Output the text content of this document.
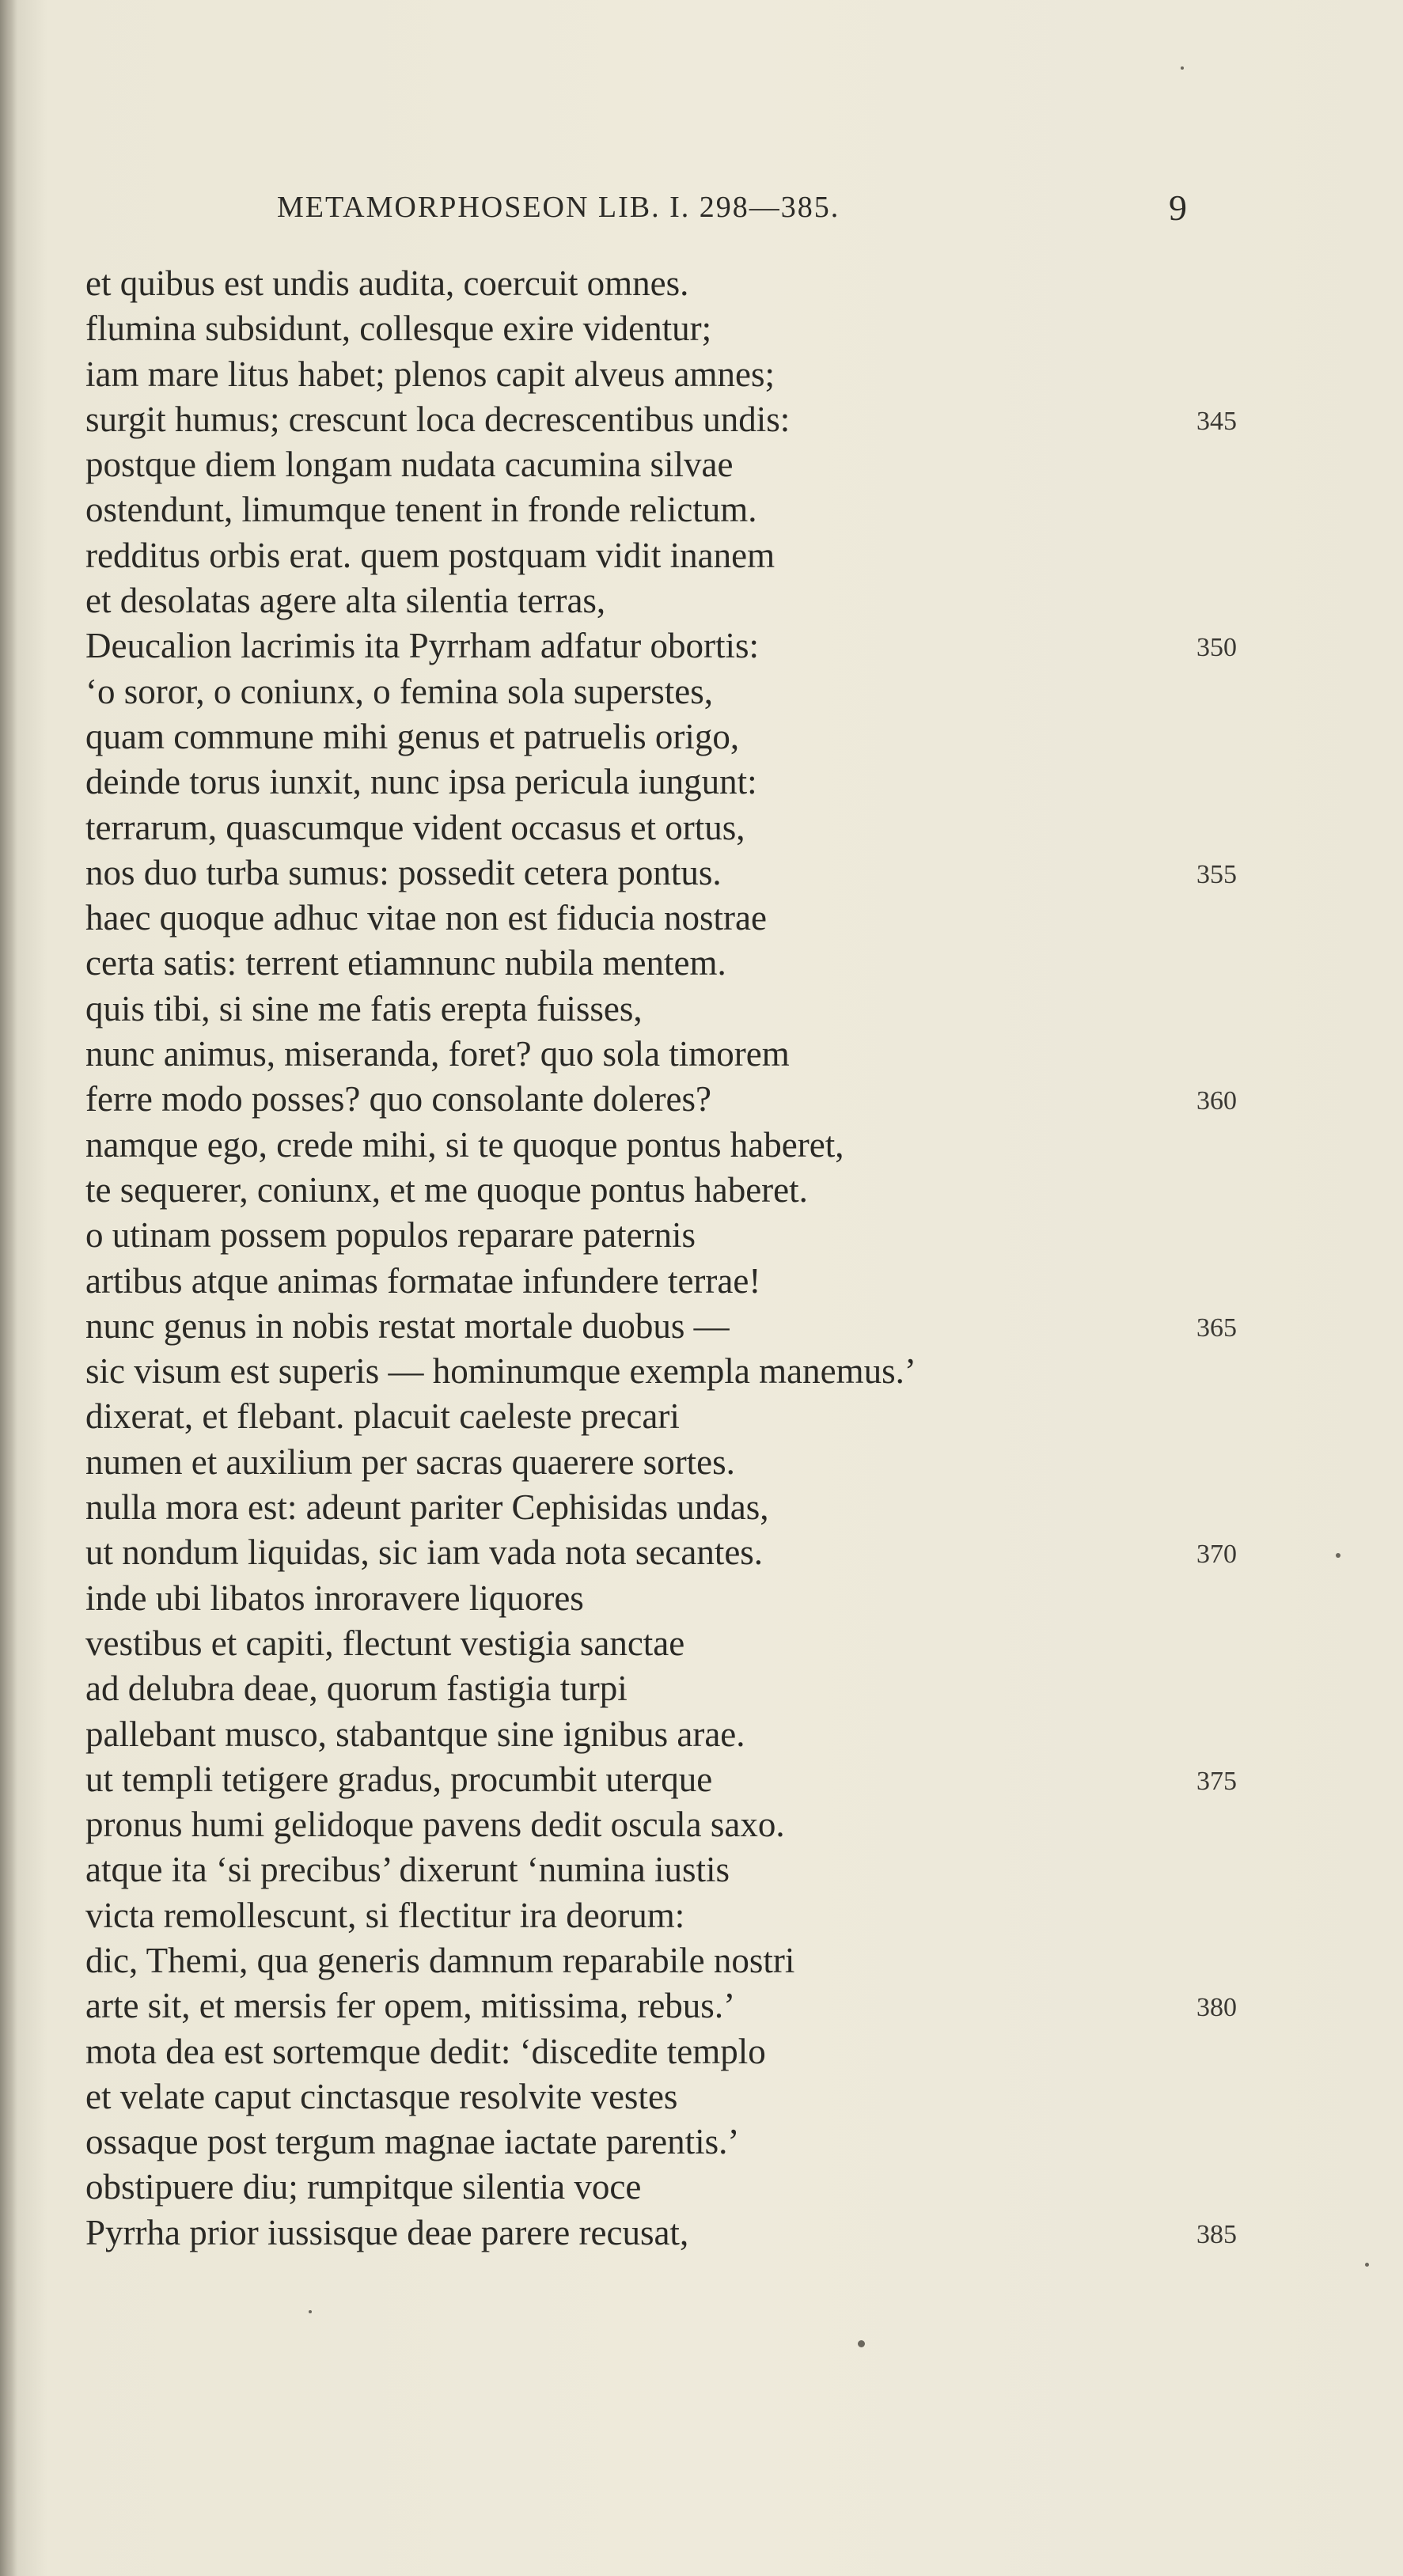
METAMORPHOSEON LIB. I. 298—385.	9
et quibus est undis audita, coercuit omnes.
flumina subsidunt, collesque exire videntur;
iam mare litus habet; plenos capit alveus amnes;
surgit humus; crescunt loca decrescentibus undis:	345
postque diem longam nudata cacumina silvae
ostendunt, limumque tenent in fronde relictum.
redditus orbis erat. quem postquam vidit inanem
et desolatas agere alta silentia terras,
Deucalion lacrimis ita Pyrrham adfatur obortis:	350
‘o soror, o coniunx, o femina sola superstes,
quam commune mihi genus et patruelis origo,
deinde torus iunxit, nunc ipsa pericula iungunt:
terrarum, quascumque vident occasus et ortus,
nos duo turba sumus: possedit cetera pontus.	355
haec quoque adhuc vitae non est fiducia nostrae
certa satis: terrent etiamnunc nubila mentem.
quis tibi, si sine me fatis erepta fuisses,
nunc animus, miseranda, foret? quo sola timorem
ferre modo posses? quo consolante doleres?	360
namque ego, crede mihi, si te quoque pontus haberet,
te sequerer, coniunx, et me quoque pontus haberet.
o utinam possem populos reparare paternis
artibus atque animas formatae infundere terrae!
nunc genus in nobis restat mortale duobus —	365
sic visum est superis — hominumque exempla manemus.’
dixerat, et flebant. placuit caeleste precari
numen et auxilium per sacras quaerere sortes.
nulla mora est: adeunt pariter Cephisidas undas,
ut nondum liquidas, sic iam vada nota secantes.	370
inde ubi libatos inroravere liquores
vestibus et capiti, flectunt vestigia sanctae
ad delubra deae, quorum fastigia turpi
pallebant musco, stabantque sine ignibus arae.
ut templi tetigere gradus, procumbit uterque	375
pronus humi gelidoque pavens dedit oscula saxo.
atque ita ‘si precibus’ dixerunt ‘numina iustis
victa remollescunt, si flectitur ira deorum:
dic, Themi, qua generis damnum reparabile nostri
arte sit, et mersis fer opem, mitissima, rebus.’	380
mota dea est sortemque dedit: ‘discedite templo
et velate caput cinctasque resolvite vestes
ossaque post tergum magnae iactate parentis.’
obstipuere diu; rumpitque silentia voce
Pyrrha prior iussisque deae parere recusat,	385
